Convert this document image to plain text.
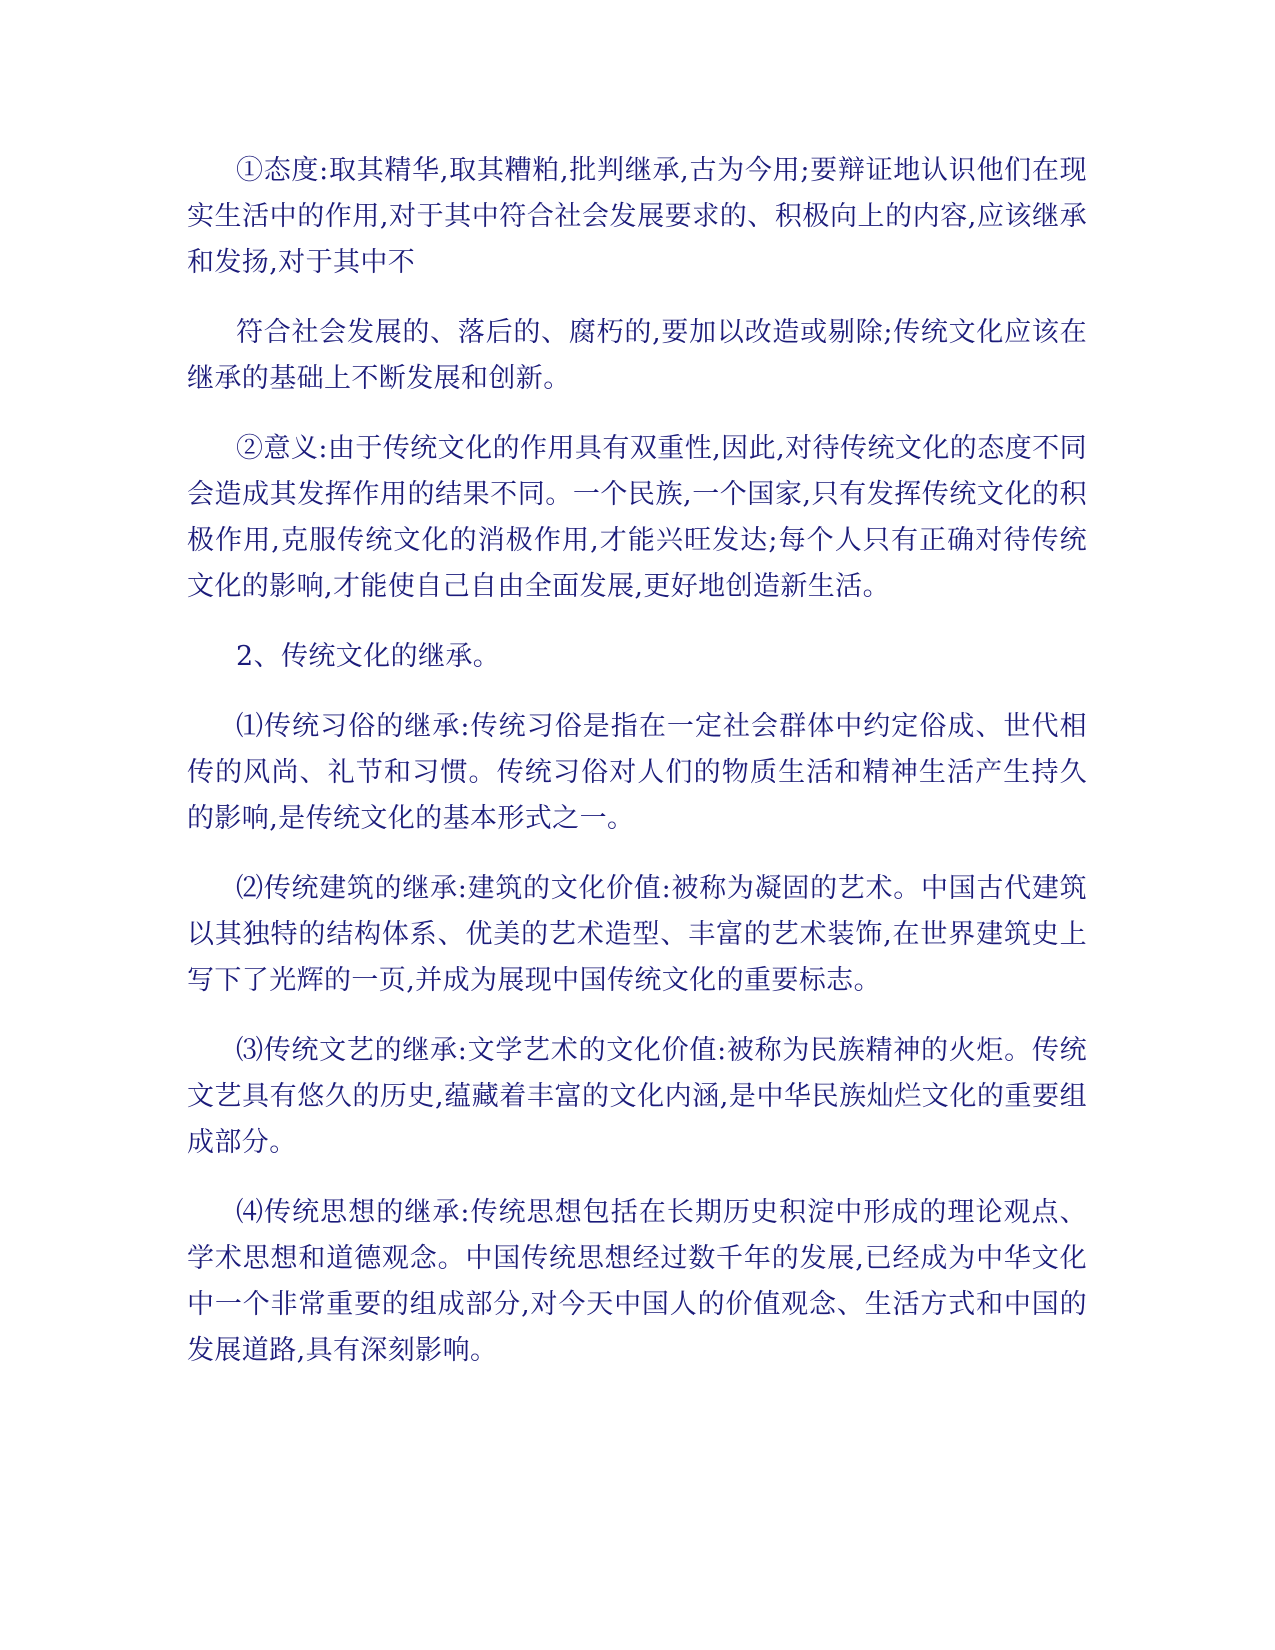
①态度:取其精华,取其糟粕,批判继承,古为今用;要辩证地认识他们在现实生活中的作用,对于其中符合社会发展要求的、积极向上的内容,应该继承和发扬,对于其中不

符合社会发展的、落后的、腐朽的,要加以改造或剔除;传统文化应该在继承的基础上不断发展和创新。

②意义:由于传统文化的作用具有双重性,因此,对待传统文化的态度不同会造成其发挥作用的结果不同。一个民族,一个国家,只有发挥传统文化的积极作用,克服传统文化的消极作用,才能兴旺发达;每个人只有正确对待传统文化的影响,才能使自己自由全面发展,更好地创造新生活。

2、传统文化的继承。

⑴传统习俗的继承:传统习俗是指在一定社会群体中约定俗成、世代相传的风尚、礼节和习惯。传统习俗对人们的物质生活和精神生活产生持久的影响,是传统文化的基本形式之一。

⑵传统建筑的继承:建筑的文化价值:被称为凝固的艺术。中国古代建筑以其独特的结构体系、优美的艺术造型、丰富的艺术装饰,在世界建筑史上写下了光辉的一页,并成为展现中国传统文化的重要标志。

⑶传统文艺的继承:文学艺术的文化价值:被称为民族精神的火炬。传统文艺具有悠久的历史,蕴藏着丰富的文化内涵,是中华民族灿烂文化的重要组成部分。

⑷传统思想的继承:传统思想包括在长期历史积淀中形成的理论观点、学术思想和道德观念。中国传统思想经过数千年的发展,已经成为中华文化中一个非常重要的组成部分,对今天中国人的价值观念、生活方式和中国的发展道路,具有深刻影响。
